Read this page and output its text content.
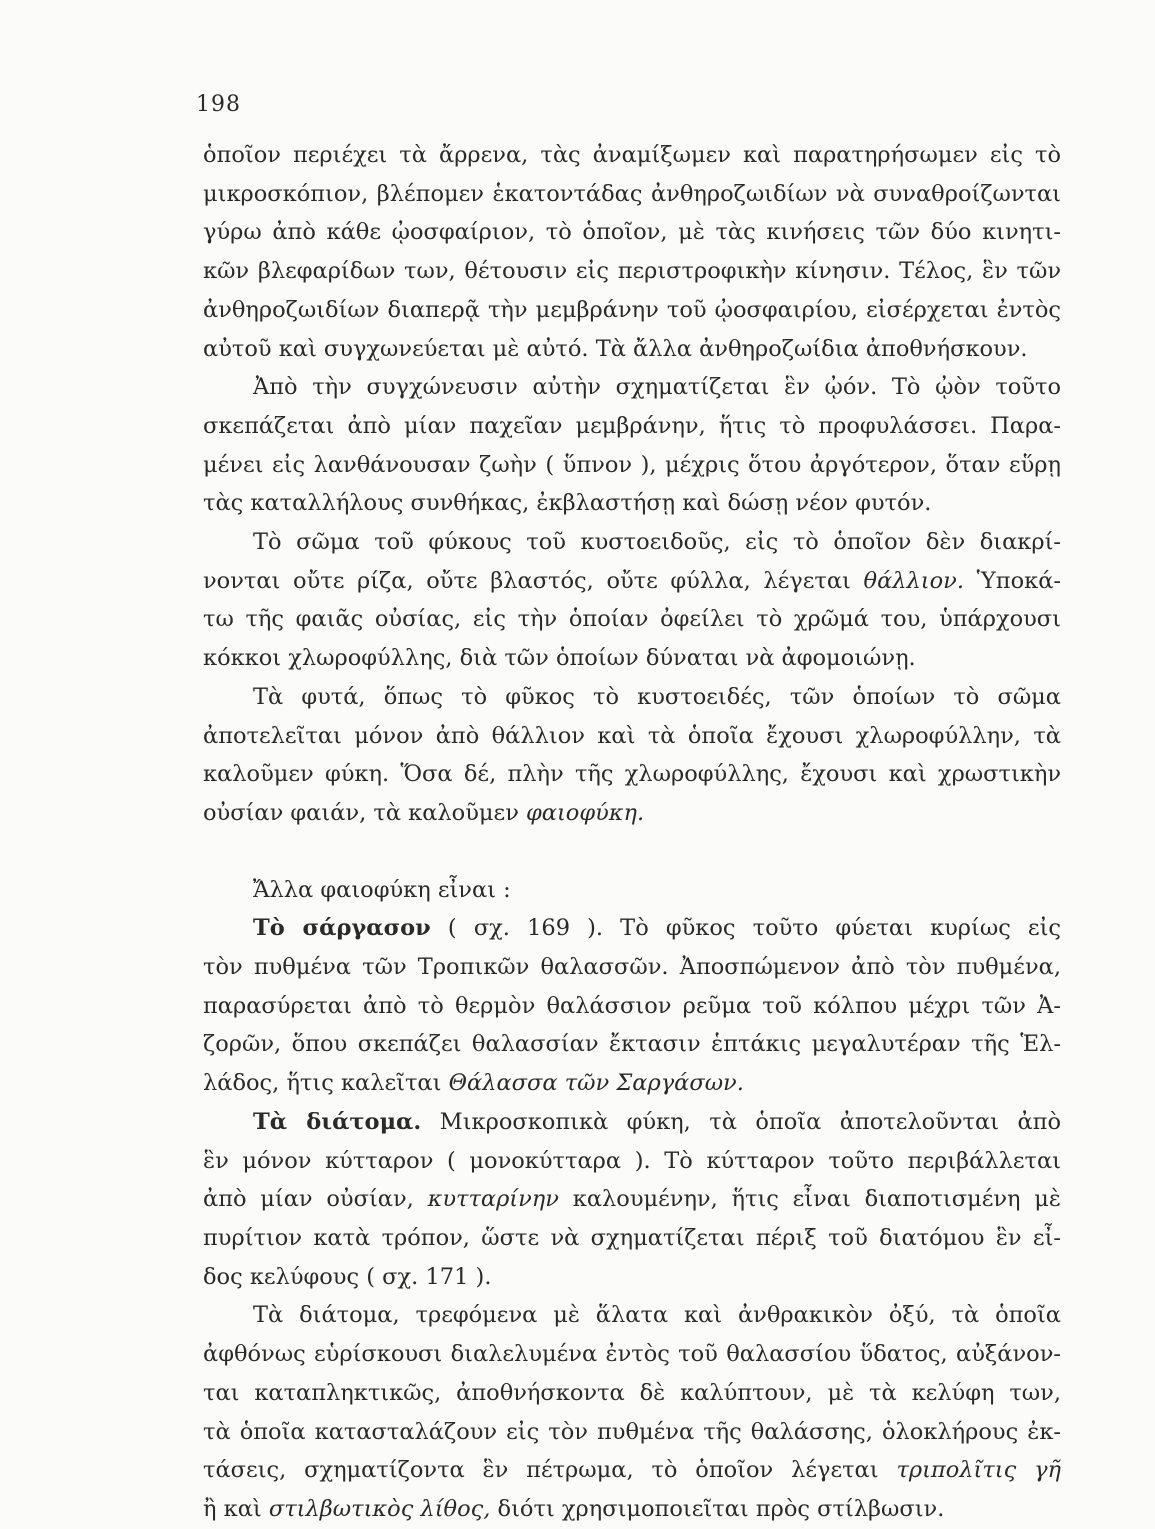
198
ὁποῖον περιέχει τὰ ἄρρενα, τὰς ἀναμίξωμεν καὶ παρατηρήσωμεν εἰς τὸ
μικροσκόπιον, βλέπομεν ἑκατοντάδας ἀνθηροζωιδίων νὰ συναθροίζωνται
γύρω ἀπὸ κάθε ᾠοσφαίριον, τὸ ὁποῖον, μὲ τὰς κινήσεις τῶν δύο κινητι-
κῶν βλεφαρίδων των, θέτουσιν εἰς περιστροφικὴν κίνησιν. Τέλος, ἓν τῶν
ἀνθηροζωιδίων διαπερᾷ τὴν μεμβράνην τοῦ ᾠοσφαιρίου, εἰσέρχεται ἐντὸς
αὐτοῦ καὶ συγχωνεύεται μὲ αὐτό. Τὰ ἄλλα ἀνθηροζωίδια ἀποθνήσκουν.
Ἀπὸ τὴν συγχώνευσιν αὐτὴν σχηματίζεται ἓν ᾠόν. Τὸ ᾠὸν τοῦτο
σκεπάζεται ἀπὸ μίαν παχεῖαν μεμβράνην, ἥτις τὸ προφυλάσσει. Παρα-
μένει εἰς λανθάνουσαν ζωὴν ( ὕπνον ), μέχρις ὅτου ἀργότερον, ὅταν εὕρῃ
τὰς καταλλήλους συνθήκας, ἐκβλαστήσῃ καὶ δώσῃ νέον φυτόν.
Τὸ σῶμα τοῦ φύκους τοῦ κυστοειδοῦς, εἰς τὸ ὁποῖον δὲν διακρί-
νονται οὔτε ρίζα, οὔτε βλαστός, οὔτε φύλλα, λέγεται θάλλιον. Ὑποκά-
τω τῆς φαιᾶς οὐσίας, εἰς τὴν ὁποίαν ὀφείλει τὸ χρῶμά του, ὑπάρχουσι
κόκκοι χλωροφύλλης, διὰ τῶν ὁποίων δύναται νὰ ἀφομοιώνῃ.
Τὰ φυτά, ὅπως τὸ φῦκος τὸ κυστοειδές, τῶν ὁποίων τὸ σῶμα
ἀποτελεῖται μόνον ἀπὸ θάλλιον καὶ τὰ ὁποῖα ἔχουσι χλωροφύλλην, τὰ
καλοῦμεν φύκη. Ὅσα δέ, πλὴν τῆς χλωροφύλλης, ἔχουσι καὶ χρωστικὴν
οὐσίαν φαιάν, τὰ καλοῦμεν φαιοφύκη.
Ἄλλα φαιοφύκη εἶναι :
Τὸ σάργασον ( σχ. 169 ). Τὸ φῦκος τοῦτο φύεται κυρίως εἰς
τὸν πυθμένα τῶν Τροπικῶν θαλασσῶν. Ἀποσπώμενον ἀπὸ τὸν πυθμένα,
παρασύρεται ἀπὸ τὸ θερμὸν θαλάσσιον ρεῦμα τοῦ κόλπου μέχρι τῶν Ἀ-
ζορῶν, ὅπου σκεπάζει θαλασσίαν ἔκτασιν ἑπτάκις μεγαλυτέραν τῆς Ἑλ-
λάδος, ἥτις καλεῖται Θάλασσα τῶν Σαργάσων.
Τὰ διάτομα. Μικροσκοπικὰ φύκη, τὰ ὁποῖα ἀποτελοῦνται ἀπὸ
ἓν μόνον κύτταρον ( μονοκύτταρα ). Τὸ κύτταρον τοῦτο περιβάλλεται
ἀπὸ μίαν οὐσίαν, κυτταρίνην καλουμένην, ἥτις εἶναι διαποτισμένη μὲ
πυρίτιον κατὰ τρόπον, ὥστε νὰ σχηματίζεται πέριξ τοῦ διατόμου ἓν εἶ-
δος κελύφους ( σχ. 171 ).
Τὰ διάτομα, τρεφόμενα μὲ ἅλατα καὶ ἀνθρακικὸν ὀξύ, τὰ ὁποῖα
ἀφθόνως εὑρίσκουσι διαλελυμένα ἐντὸς τοῦ θαλασσίου ὕδατος, αὐξάνον-
ται καταπληκτικῶς, ἀποθνήσκοντα δὲ καλύπτουν, μὲ τὰ κελύφη των,
τὰ ὁποῖα κατασταλάζουν εἰς τὸν πυθμένα τῆς θαλάσσης, ὁλοκλήρους ἐκ-
τάσεις, σχηματίζοντα ἓν πέτρωμα, τὸ ὁποῖον λέγεται τριπολῖτις γῆ
ἢ καὶ στιλβωτικὸς λίθος, διότι χρησιμοποιεῖται πρὸς στίλβωσιν.
